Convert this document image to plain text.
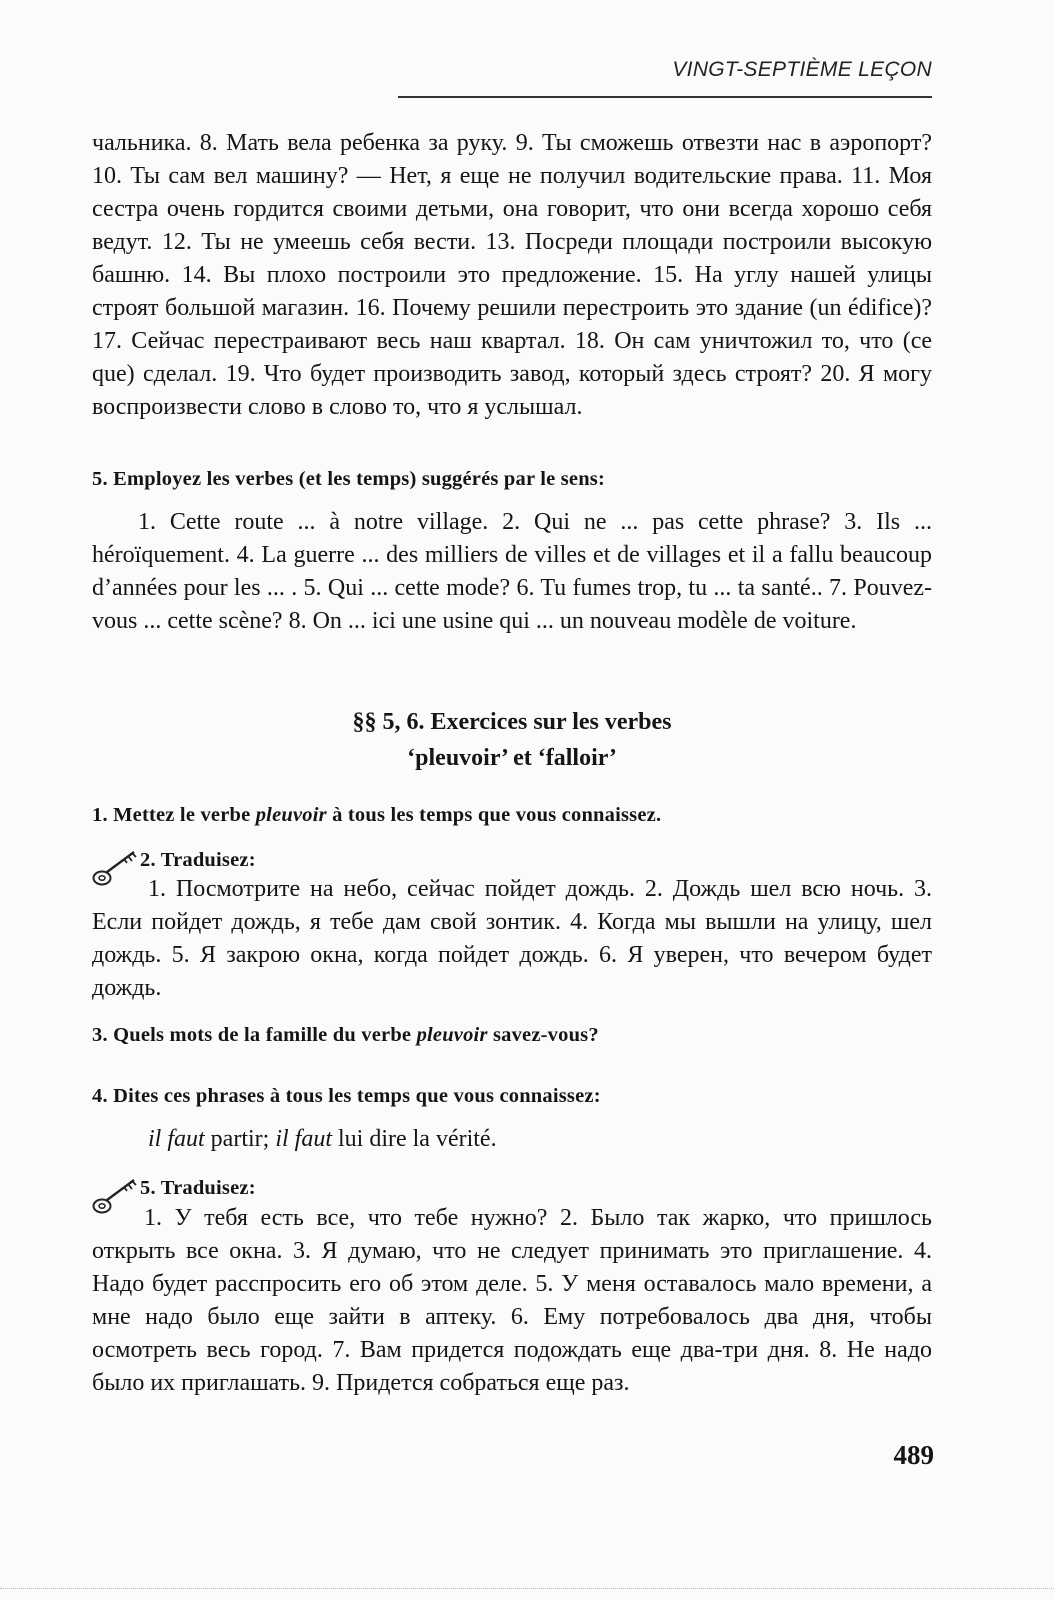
VINGT-SEPTIÈME LEÇON
чальника. 8. Мать вела ребенка за руку. 9. Ты сможешь отвезти нас в аэропорт? 10. Ты сам вел машину? — Нет, я еще не получил водительские права. 11. Моя сестра очень гордится своими детьми, она говорит, что они всегда хорошо себя ведут. 12. Ты не умеешь себя вести. 13. Посреди площади построили высокую башню. 14. Вы плохо построили это предложение. 15. На углу нашей улицы строят большой магазин. 16. Почему решили перестроить это здание (un édifice)? 17. Сейчас перестраивают весь наш квартал. 18. Он сам уничтожил то, что (ce que) сделал. 19. Что будет производить завод, который здесь строят? 20. Я могу воспроизвести слово в слово то, что я услышал.
5. Employez les verbes (et les temps) suggérés par le sens:
1. Cette route ... à notre village. 2. Qui ne ... pas cette phrase? 3. Ils ... héroïquement. 4. La guerre ... des milliers de villes et de villages et il a fallu beaucoup d’années pour les ... . 5. Qui ... cette mode? 6. Tu fumes trop, tu ... ta santé.. 7. Pouvez-vous ... cette scène? 8. On ... ici une usine qui ... un nouveau modèle de voiture.
§§ 5, 6. Exercices sur les verbes
‘pleuvoir’ et ‘falloir’
1. Mettez le verbe pleuvoir à tous les temps que vous connaissez.
2. Traduisez:
1. Посмотрите на небо, сейчас пойдет дождь. 2. Дождь шел всю ночь. 3. Если пойдет дождь, я тебе дам свой зонтик. 4. Когда мы вышли на улицу, шел дождь. 5. Я закрою окна, когда пойдет дождь. 6. Я уверен, что вечером будет дождь.
3. Quels mots de la famille du verbe pleuvoir savez-vous?
4. Dites ces phrases à tous les temps que vous connaissez:
il faut partir; il faut lui dire la vérité.
5. Traduisez:
1. У тебя есть все, что тебе нужно? 2. Было так жарко, что пришлось открыть все окна. 3. Я думаю, что не следует принимать это приглашение. 4. Надо будет расспросить его об этом деле. 5. У меня оставалось мало времени, а мне надо было еще зайти в аптеку. 6. Ему потребовалось два дня, чтобы осмотреть весь город. 7. Вам придется подождать еще два-три дня. 8. Не надо было их приглашать. 9. Придется собраться еще раз.
489
